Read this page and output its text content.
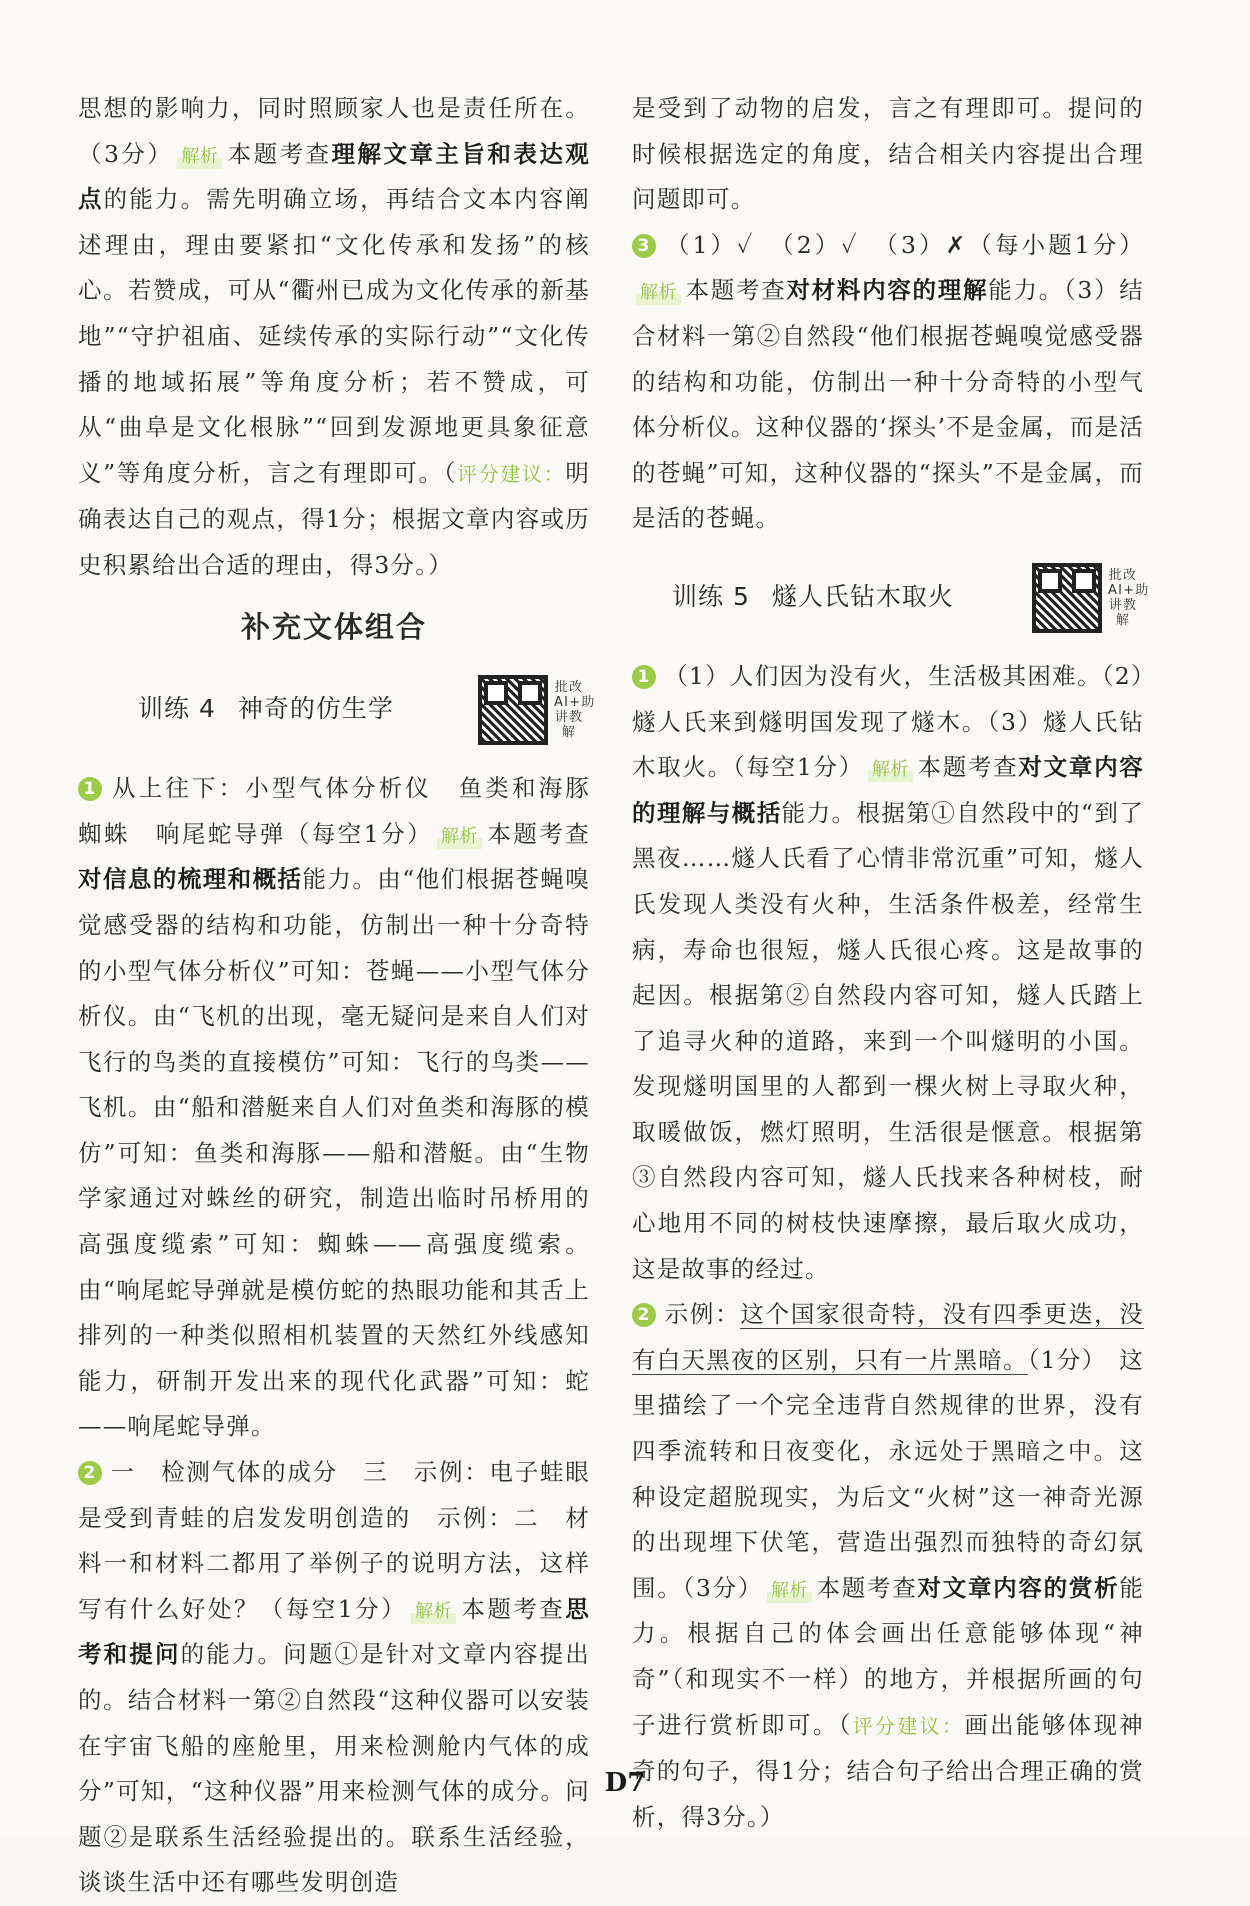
思想的影响力，同时照顾家人也是责任所在。（3分） 解析 本题考查理解文章主旨和表达观点的能力。需先明确立场，再结合文本内容阐述理由，理由要紧扣“文化传承和发扬”的核心。若赞成，可从“衢州已成为文化传承的新基地”“守护祖庙、延续传承的实际行动”“文化传播的地域拓展”等角度分析；若不赞成，可从“曲阜是文化根脉”“回到发源地更具象征意义”等角度分析，言之有理即可。（评分建议：明确表达自己的观点，得1分；根据文章内容或历史积累给出合适的理由，得3分。）

补充文体组合
训练 4 神奇的仿生学
批改AI+助讲教解

1 从上往下：小型气体分析仪　鱼类和海豚　蜘蛛　响尾蛇导弹（每空1分） 解析 本题考查对信息的梳理和概括能力。由“他们根据苍蝇嗅觉感受器的结构和功能，仿制出一种十分奇特的小型气体分析仪”可知：苍蝇——小型气体分析仪。由“飞机的出现，毫无疑问是来自人们对飞行的鸟类的直接模仿”可知：飞行的鸟类——飞机。由“船和潜艇来自人们对鱼类和海豚的模仿”可知：鱼类和海豚——船和潜艇。由“生物学家通过对蛛丝的研究，制造出临时吊桥用的高强度缆索”可知：蜘蛛——高强度缆索。由“响尾蛇导弹就是模仿蛇的热眼功能和其舌上排列的一种类似照相机装置的天然红外线感知能力，研制开发出来的现代化武器”可知：蛇——响尾蛇导弹。

2 一　检测气体的成分　三　示例：电子蛙眼是受到青蛙的启发发明创造的　示例：二　材料一和材料二都用了举例子的说明方法，这样写有什么好处？（每空1分） 解析 本题考查思考和提问的能力。问题①是针对文章内容提出的。结合材料一第②自然段“这种仪器可以安装在宇宙飞船的座舱里，用来检测舱内气体的成分”可知，“这种仪器”用来检测气体的成分。问题②是联系生活经验提出的。联系生活经验，谈谈生活中还有哪些发明创造

是受到了动物的启发，言之有理即可。提问的时候根据选定的角度，结合相关内容提出合理问题即可。

3 （1）✓　（2）✓　（3）✗（每小题1分）解析 本题考查对材料内容的理解能力。（3）结合材料一第②自然段“他们根据苍蝇嗅觉感受器的结构和功能，仿制出一种十分奇特的小型气体分析仪。这种仪器的‘探头’不是金属，而是活的苍蝇”可知，这种仪器的“探头”不是金属，而是活的苍蝇。

训练 5 燧人氏钻木取火
批改AI+助讲教解

1 （1）人们因为没有火，生活极其困难。（2）燧人氏来到燧明国发现了燧木。（3）燧人氏钻木取火。（每空1分） 解析 本题考查对文章内容的理解与概括能力。根据第①自然段中的“到了黑夜……燧人氏看了心情非常沉重”可知，燧人氏发现人类没有火种，生活条件极差，经常生病，寿命也很短，燧人氏很心疼。这是故事的起因。根据第②自然段内容可知，燧人氏踏上了追寻火种的道路，来到一个叫燧明的小国。发现燧明国里的人都到一棵火树上寻取火种，取暖做饭，燃灯照明，生活很是惬意。根据第③自然段内容可知，燧人氏找来各种树枝，耐心地用不同的树枝快速摩擦，最后取火成功，这是故事的经过。

2 示例：这个国家很奇特，没有四季更迭，没有白天黑夜的区别，只有一片黑暗。（1分）　这里描绘了一个完全违背自然规律的世界，没有四季流转和日夜变化，永远处于黑暗之中。这种设定超脱现实，为后文“火树”这一神奇光源的出现埋下伏笔，营造出强烈而独特的奇幻氛围。（3分） 解析 本题考查对文章内容的赏析能力。根据自己的体会画出任意能够体现“神奇”（和现实不一样）的地方，并根据所画的句子进行赏析即可。（评分建议：画出能够体现神奇的句子，得1分；结合句子给出合理正确的赏析，得3分。）

D7
